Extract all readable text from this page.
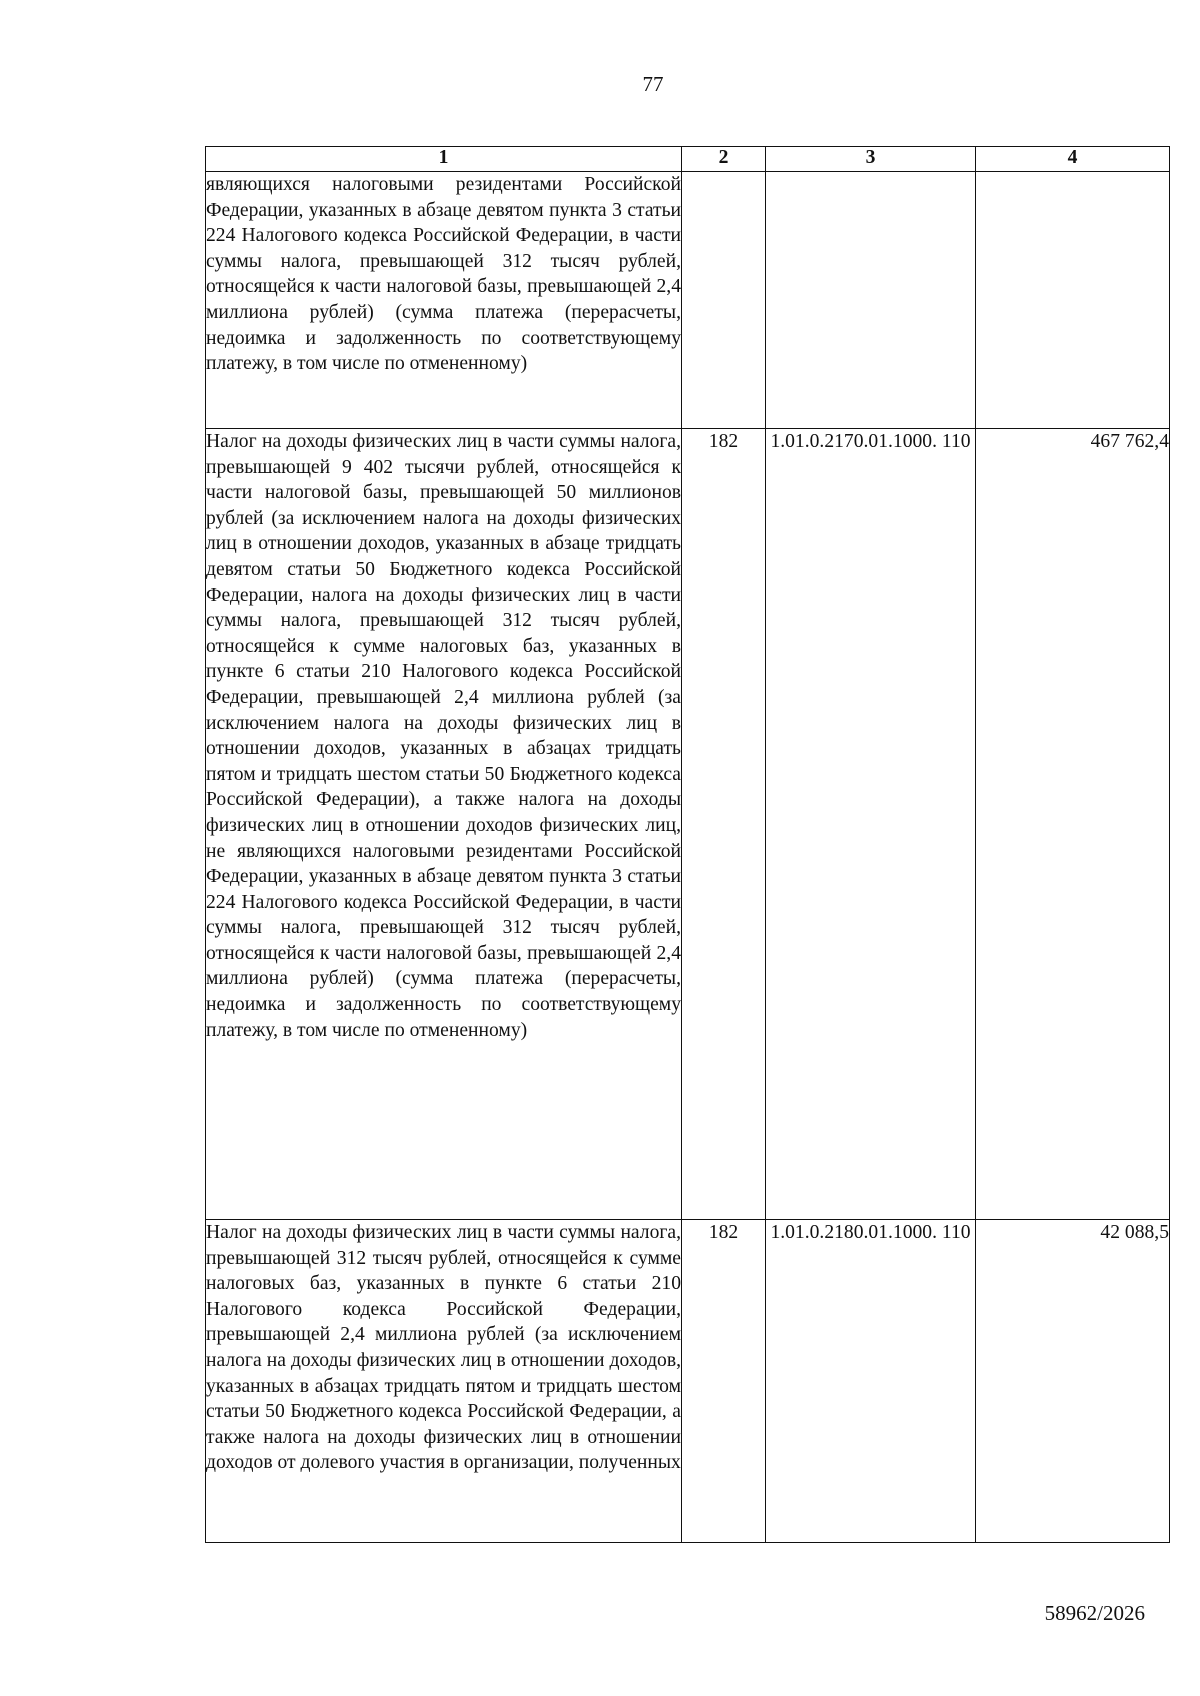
77
1	2	3	4
являющихся налоговыми резидентами Российской Федерации, указанных в абзаце девятом пункта 3 статьи 224 Налогового кодекса Российской Федерации, в части суммы налога, превышающей 312 тысяч рублей, относящейся к части налоговой базы, превышающей 2,4 миллиона рублей) (сумма платежа (перерасчеты, недоимка и задолженность по соответствующему платежу, в том числе по отмененному)			
Налог на доходы физических лиц в части суммы налога, превышающей 9 402 тысячи рублей, относящейся к части налоговой базы, превышающей 50 миллионов рублей (за исключением налога на доходы физических лиц в отношении доходов, указанных в абзаце тридцать девятом статьи 50 Бюджетного кодекса Российской Федерации, налога на доходы физических лиц в части суммы налога, превышающей 312 тысяч рублей, относящейся к сумме налоговых баз, указанных в пункте 6 статьи 210 Налогового кодекса Российской Федерации, превышающей 2,4 миллиона рублей (за исключением налога на доходы физических лиц в отношении доходов, указанных в абзацах тридцать пятом и тридцать шестом статьи 50 Бюджетного кодекса Российской Федерации), а также налога на доходы физических лиц в отношении доходов физических лиц, не являющихся налоговыми резидентами Российской Федерации, указанных в абзаце девятом пункта 3 статьи 224 Налогового кодекса Российской Федерации, в части суммы налога, превышающей 312 тысяч рублей, относящейся к части налоговой базы, превышающей 2,4 миллиона рублей) (сумма платежа (перерасчеты, недоимка и задолженность по соответствующему платежу, в том числе по отмененному)	182	1.01.0.2170.01.1000. 110	467 762,4
Налог на доходы физических лиц в части суммы налога, превышающей 312 тысяч рублей, относящейся к сумме налоговых баз, указанных в пункте 6 статьи 210 Налогового кодекса Российской Федерации, превышающей 2,4 миллиона рублей (за исключением налога на доходы физических лиц в отношении доходов, указанных в абзацах тридцать пятом и тридцать шестом статьи 50 Бюджетного кодекса Российской Федерации, а также налога на доходы физических лиц в отношении доходов от долевого участия в организации, полученных	182	1.01.0.2180.01.1000. 110	42 088,5
58962/2026
